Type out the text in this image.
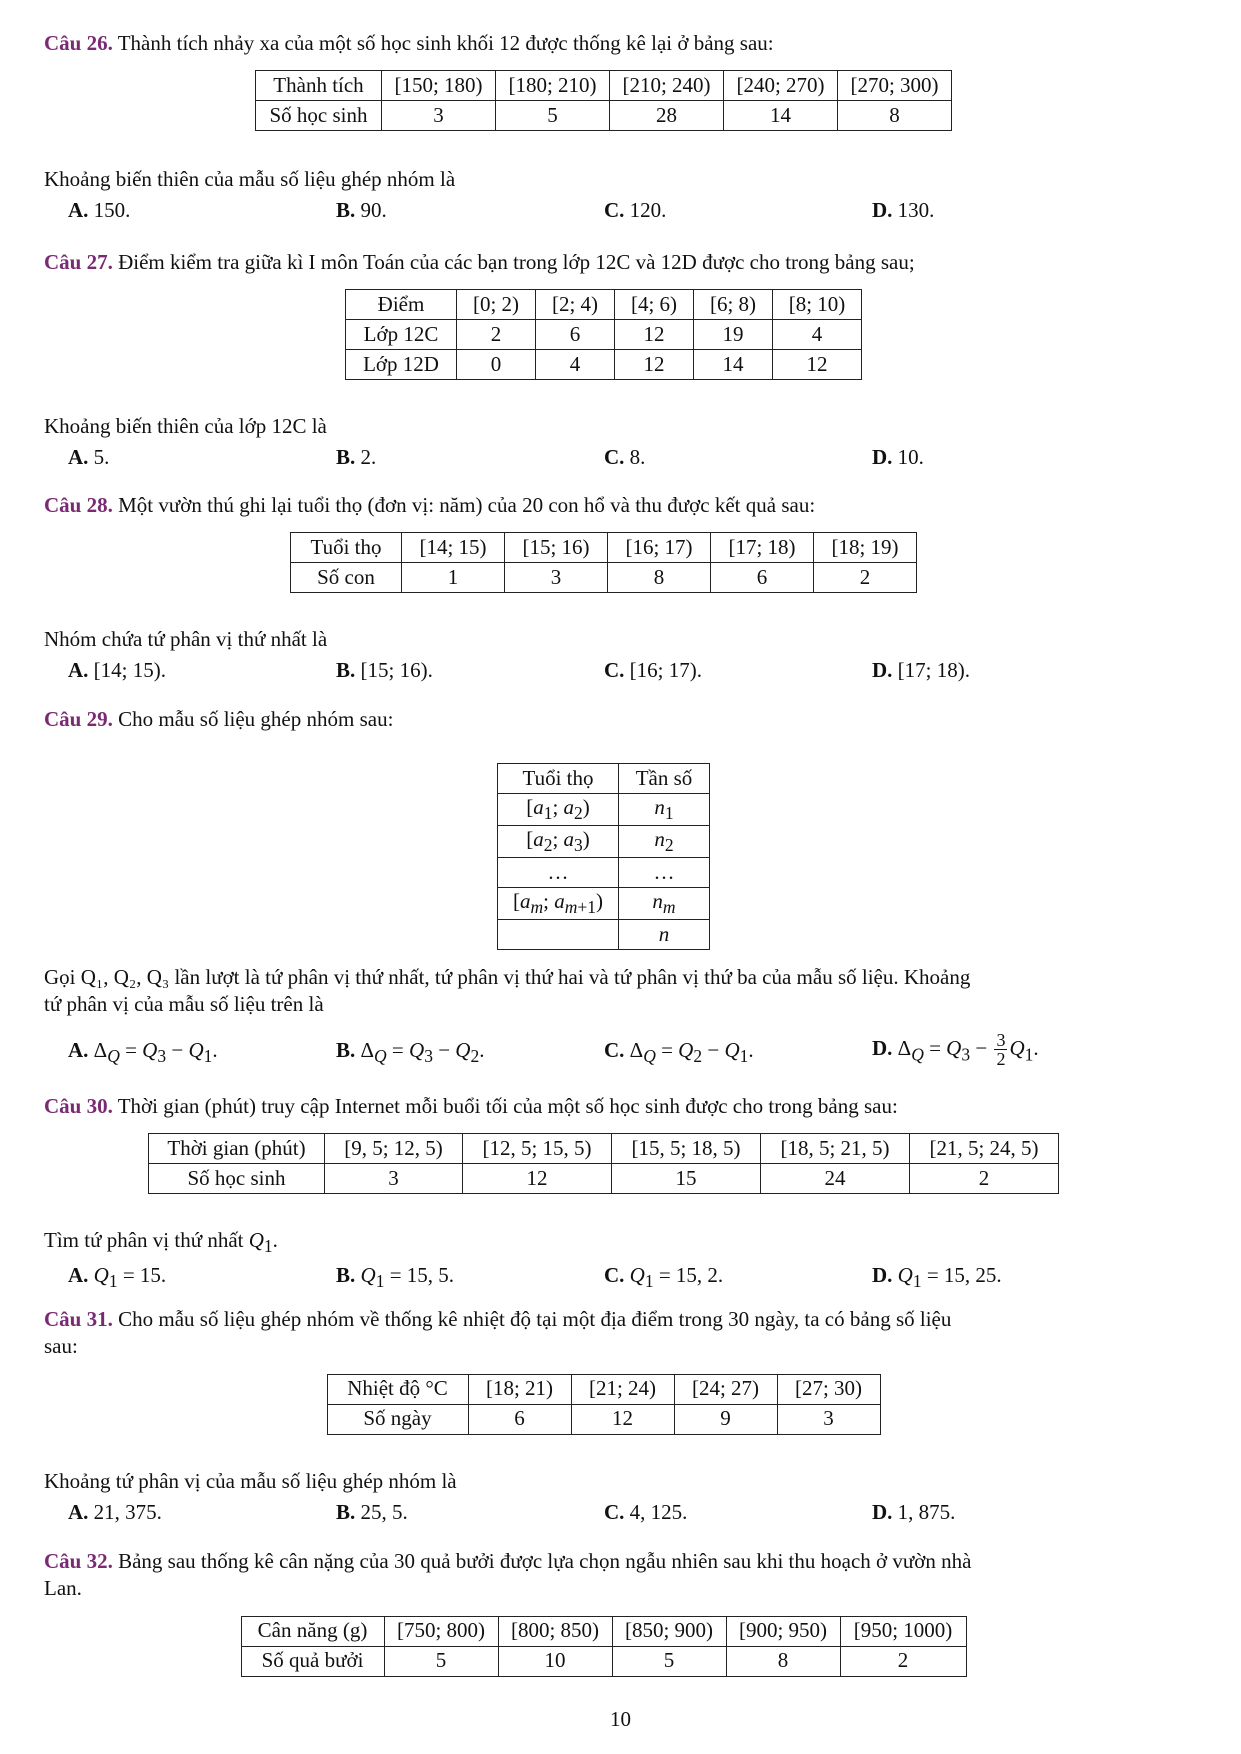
Câu 26. Thành tích nhảy xa của một số học sinh khối 12 được thống kê lại ở bảng sau:

Thành tích	[150; 180)	[180; 210)	[210; 240)	[240; 270)	[270; 300)
Số học sinh	3	5	28	14	8

Khoảng biến thiên của mẫu số liệu ghép nhóm là

A. 150.	B. 90.	C. 120.	D. 130.

Câu 27. Điểm kiểm tra giữa kì I môn Toán của các bạn trong lớp 12C và 12D được cho trong bảng sau;

Điểm	[0; 2)	[2; 4)	[4; 6)	[6; 8)	[8; 10)
Lớp 12C	2	6	12	19	4
Lớp 12D	0	4	12	14	12

Khoảng biến thiên của lớp 12C là

A. 5.	B. 2.	C. 8.	D. 10.

Câu 28. Một vườn thú ghi lại tuổi thọ (đơn vị: năm) của 20 con hổ và thu được kết quả sau:

Tuổi thọ	[14; 15)	[15; 16)	[16; 17)	[17; 18)	[18; 19)
Số con	1	3	8	6	2

Nhóm chứa tứ phân vị thứ nhất là

A. [14; 15).	B. [15; 16).	C. [16; 17).	D. [17; 18).

Câu 29. Cho mẫu số liệu ghép nhóm sau:

Tuổi thọ	Tần số
[$a_1$; $a_2$)	$n_1$
[$a_2$; $a_3$)	$n_2$
…	…
[$a_m$; $a_{m+1}$)	$n_m$
	n

Gọi Q₁, Q₂, Q₃ lần lượt là tứ phân vị thứ nhất, tứ phân vị thứ hai và tứ phân vị thứ ba của mẫu số liệu. Khoảng
tứ phân vị của mẫu số liệu trên là

A. $\Delta_Q = Q_3 - Q_1$.	B. $\Delta_Q = Q_3 - Q_2$.	C. $\Delta_Q = Q_2 - Q_1$.	D. $\Delta_Q = Q_3 - \frac{3}{2} Q_1$.

Câu 30. Thời gian (phút) truy cập Internet mỗi buổi tối của một số học sinh được cho trong bảng sau:

Thời gian (phút)	[9, 5; 12, 5)	[12, 5; 15, 5)	[15, 5; 18, 5)	[18, 5; 21, 5)	[21, 5; 24, 5)
Số học sinh	3	12	15	24	2

Tìm tứ phân vị thứ nhất $Q_1$.

A. $Q_1 = 15$.	B. $Q_1 = 15$, 5.	C. $Q_1 = 15$, 2.	D. $Q_1 = 15$, 25.

Câu 31. Cho mẫu số liệu ghép nhóm về thống kê nhiệt độ tại một địa điểm trong 30 ngày, ta có bảng số liệu
sau:

Nhiệt độ °C	[18; 21)	[21; 24)	[24; 27)	[27; 30)
Số ngày	6	12	9	3

Khoảng tứ phân vị của mẫu số liệu ghép nhóm là

A. 21, 375.	B. 25, 5.	C. 4, 125.	D. 1, 875.

Câu 32. Bảng sau thống kê cân nặng của 30 quả bưởi được lựa chọn ngẫu nhiên sau khi thu hoạch ở vườn nhà
Lan.

Cân năng (g)	[750; 800)	[800; 850)	[850; 900)	[900; 950)	[950; 1000)
Số quả bưởi	5	10	5	8	2
10
